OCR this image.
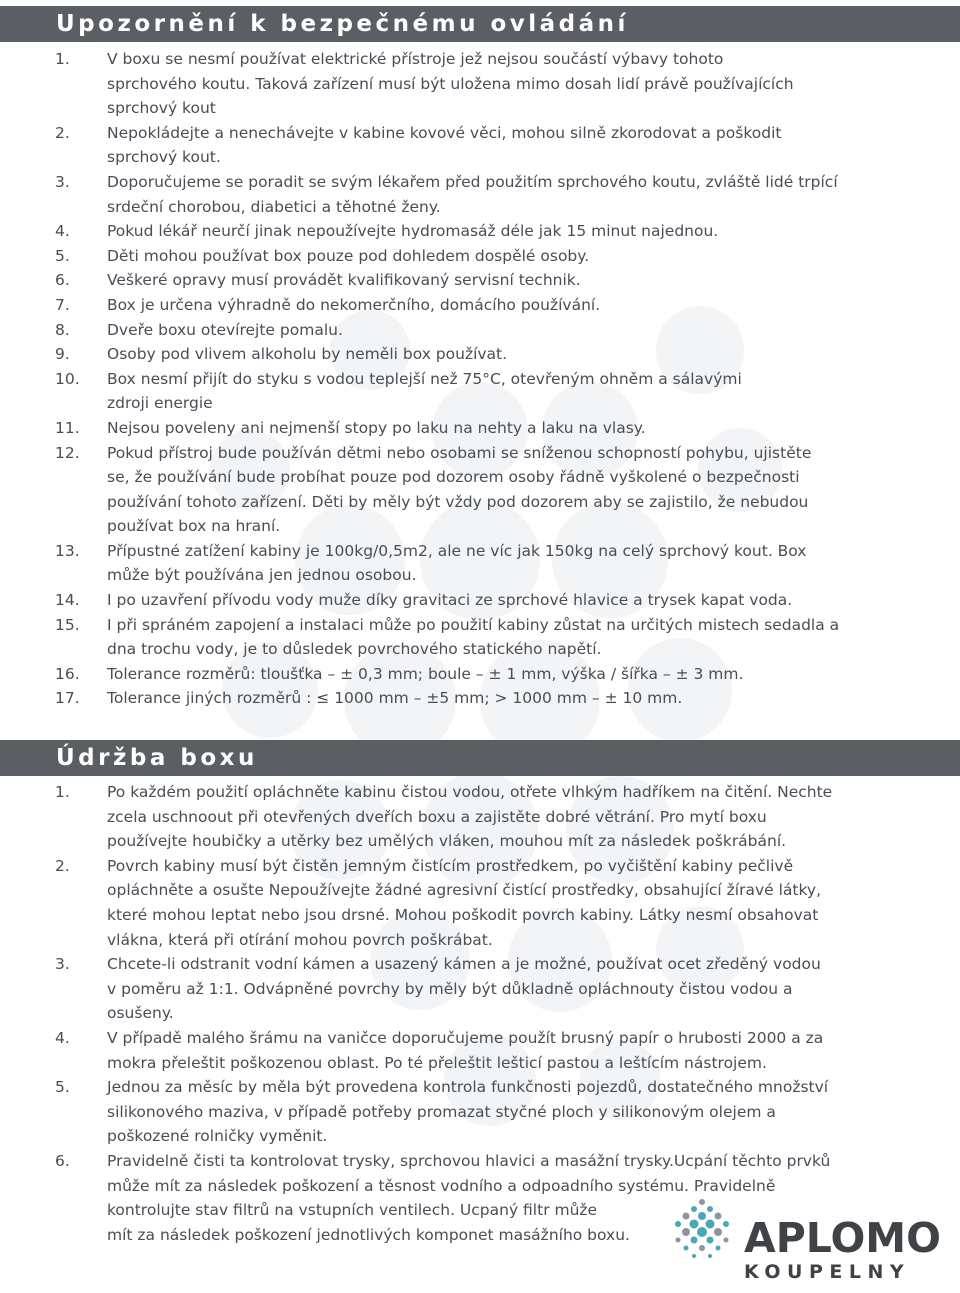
Upozornění k bezpečnému ovládání
1. V boxu se nesmí používat elektrické přístroje jež nejsou součástí výbavy tohoto
sprchového koutu. Taková zařízení musí být uložena mimo dosah lidí právě používajících
sprchový kout
2. Nepokládejte a nenechávejte v kabine kovové věci, mohou silně zkorodovat a poškodit
sprchový kout.
3. Doporučujeme se poradit se svým lékařem před použitím sprchového koutu, zvláště lidé trpící
srdeční chorobou, diabetici a těhotné ženy.
4. Pokud lékář neurčí jinak nepoužívejte hydromasáž déle jak 15 minut najednou.
5. Děti mohou používat box pouze pod dohledem dospělé osoby.
6. Veškeré opravy musí provádět kvalifikovaný servisní technik.
7. Box je určena výhradně do nekomerčního, domácího používání.
8. Dveře boxu otevírejte pomalu.
9. Osoby pod vlivem alkoholu by neměli box používat.
10. Box nesmí přijít do styku s vodou teplejší než 75°C, otevřeným ohněm a sálavými
zdroji energie
11. Nejsou poveleny ani nejmenší stopy po laku na nehty a laku na vlasy.
12. Pokud přístroj bude používán dětmi nebo osobami se sníženou schopností pohybu, ujistěte
se, že používání bude probíhat pouze pod dozorem osoby řádně vyškolené o bezpečnosti
používání tohoto zařízení. Děti by měly být vždy pod dozorem aby se zajistilo, že nebudou
používat box na hraní.
13. Přípustné zatížení kabiny je 100kg/0,5m2, ale ne víc jak 150kg na celý sprchový kout. Box
může být používána jen jednou osobou.
14. I po uzavření přívodu vody muže díky gravitaci ze sprchové hlavice a trysek kapat voda.
15. I při spráném zapojení a instalaci může po použití kabiny zůstat na určitých mistech sedadla a
dna trochu vody, je to důsledek povrchového statického napětí.
16. Tolerance rozměrů: tloušťka – ± 0,3 mm; boule – ± 1 mm, výška / šířka – ± 3 mm.
17. Tolerance jiných rozměrů : ≤ 1000 mm – ±5 mm; > 1000 mm – ± 10 mm.
Údržba boxu
1. Po každém použití opláchněte kabinu čistou vodou, otřete vlhkým hadříkem na čitění. Nechte
zcela uschnoout při otevřených dveřích boxu a zajistěte dobré větrání. Pro mytí boxu
používejte houbičky a utěrky bez umělých vláken, mouhou mít za následek poškrábání.
2. Povrch kabiny musí být čistěn jemným čistícím prostředkem, po vyčištění kabiny pečlivě
opláchněte a osušte Nepoužívejte žádné agresivní čistící prostředky, obsahující žíravé látky,
které mohou leptat nebo jsou drsné. Mohou poškodit povrch kabiny. Látky nesmí obsahovat
vlákna, která při otírání mohou povrch poškrábat.
3. Chcete-li odstranit vodní kámen a usazený kámen a je možné, používat ocet zředěný vodou
v poměru až 1:1. Odvápněné povrchy by měly být důkladně opláchnouty čistou vodou a
osušeny.
4. V případě malého šrámu na vaničce doporučujeme použít brusný papír o hrubosti 2000 a za
mokra přeleštit poškozenou oblast. Po té přeleštit lešticí pastou a leštícím nástrojem.
5. Jednou za měsíc by měla být provedena kontrola funkčnosti pojezdů, dostatečného množství
silikonového maziva, v případě potřeby promazat styčné ploch y silikonovým olejem a
poškozené rolničky vyměnit.
6. Pravidelně čisti ta kontrolovat trysky, sprchovou hlavici a masážní trysky.Ucpání těchto prvků
může mít za následek poškození a těsnost vodního a odpoadního systému. Pravidelně
kontrolujte stav filtrů na vstupních ventilech. Ucpaný filtr může
mít za následek poškození jednotlivých komponet masážního boxu.	APLOMO
KOUPELNY
